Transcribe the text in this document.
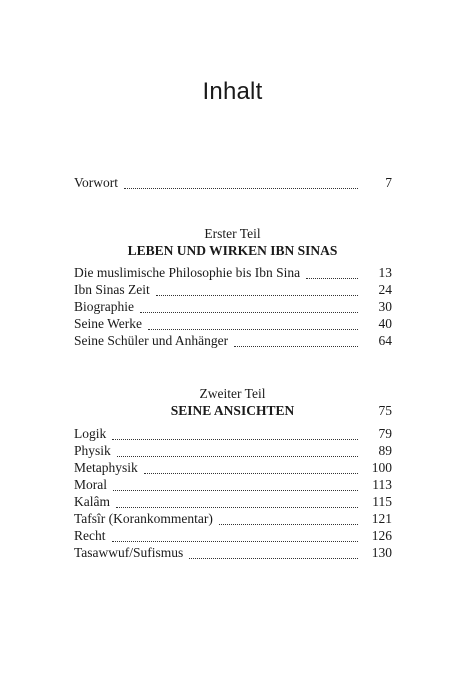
Inhalt
Vorwort	7
Erster Teil
LEBEN UND WIRKEN IBN SINAS
Die muslimische Philosophie bis Ibn Sina	13
Ibn Sinas Zeit	24
Biographie	30
Seine Werke	40
Seine Schüler und Anhänger	64
Zweiter Teil
SEINE ANSICHTEN	75
Logik	79
Physik	89
Metaphysik	100
Moral	113
Kalâm	115
Tafsîr (Korankommentar)	121
Recht	126
Tasawwuf/Sufismus	130
